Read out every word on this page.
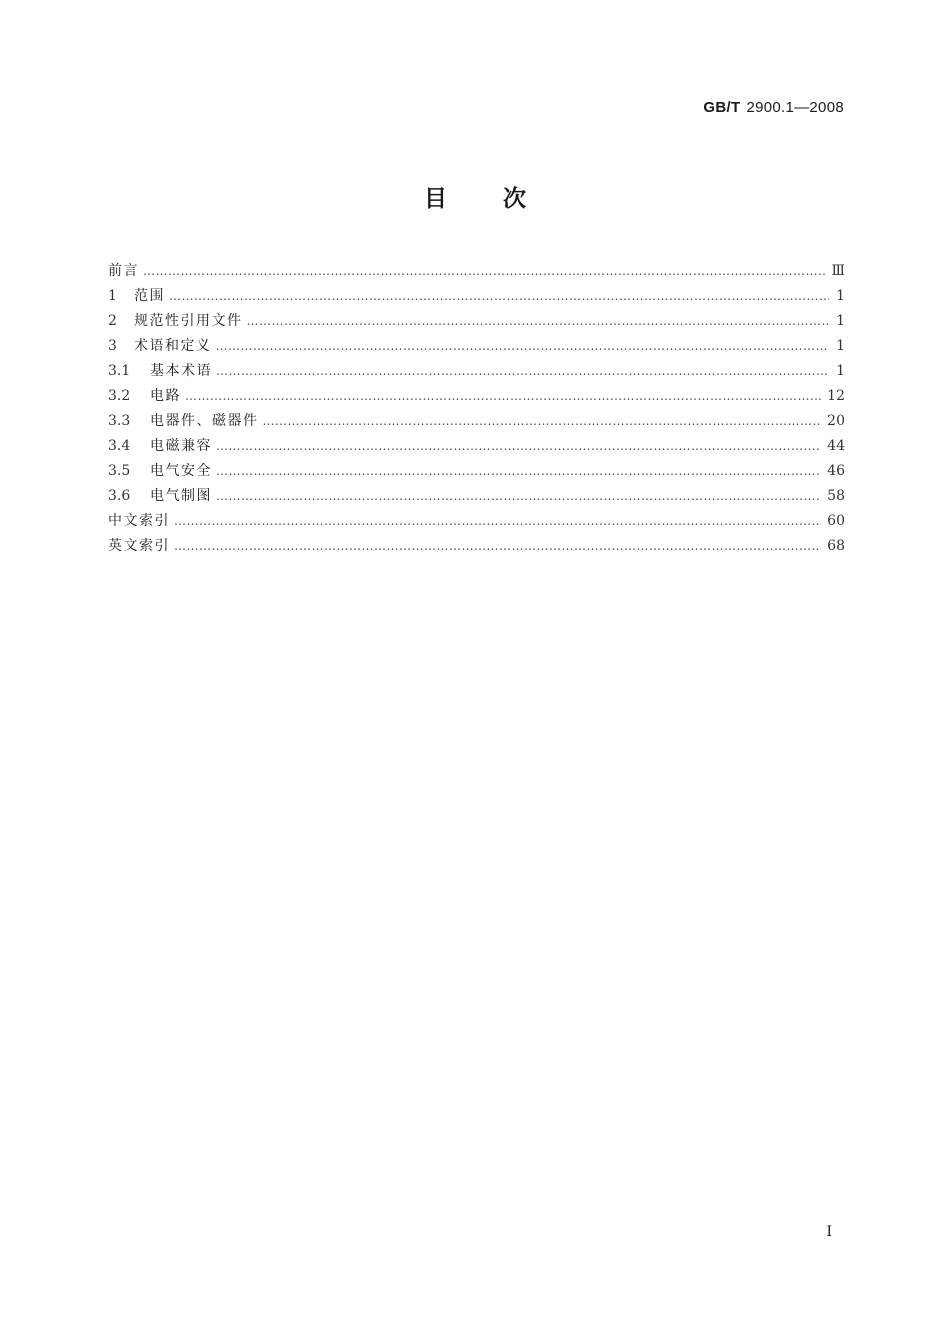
GB/T 2900.1—2008
目 次
前言 ……………………………………………………………………………………………………………………………………………………………………………………………………………………………………	Ⅲ
1	范围 ……………………………………………………………………………………………………………………………………………………………………………………………………………………………………	1
2	规范性引用文件 ……………………………………………………………………………………………………………………………………………………………………………………………………………………………………	1
3	术语和定义 ……………………………………………………………………………………………………………………………………………………………………………………………………………………………………	1
3.1	基本术语 ……………………………………………………………………………………………………………………………………………………………………………………………………………………………………	1
3.2	电路 ……………………………………………………………………………………………………………………………………………………………………………………………………………………………………	12
3.3	电器件、磁器件 ……………………………………………………………………………………………………………………………………………………………………………………………………………………………………	20
3.4	电磁兼容 ……………………………………………………………………………………………………………………………………………………………………………………………………………………………………	44
3.5	电气安全 ……………………………………………………………………………………………………………………………………………………………………………………………………………………………………	46
3.6	电气制图 ……………………………………………………………………………………………………………………………………………………………………………………………………………………………………	58
中文索引 ……………………………………………………………………………………………………………………………………………………………………………………………………………………………………	60
英文索引 ……………………………………………………………………………………………………………………………………………………………………………………………………………………………………	68
I
